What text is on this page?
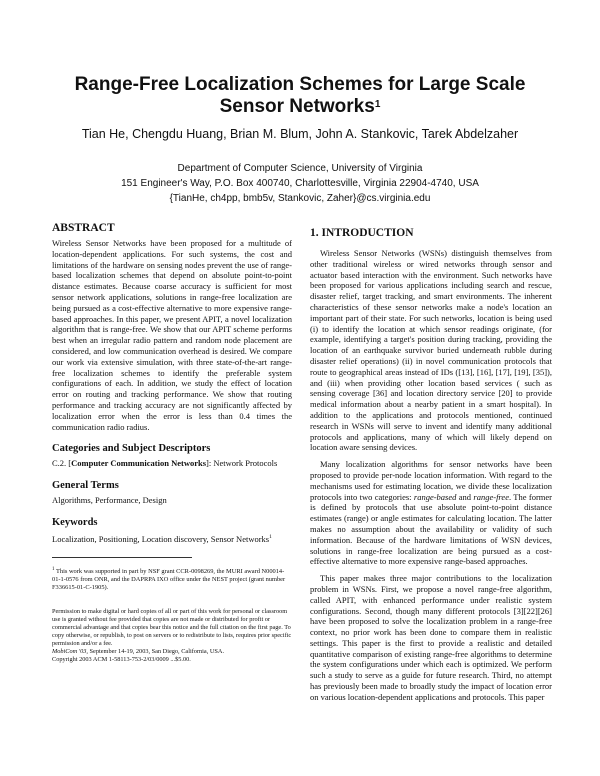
Range-Free Localization Schemes for Large Scale
Sensor Networks$^1$
Tian He, Chengdu Huang, Brian M. Blum, John A. Stankovic, Tarek Abdelzaher
Department of Computer Science, University of Virginia
151 Engineer's Way, P.O. Box 400740, Charlottesville, Virginia 22904-4740, USA
{TianHe, ch4pp, bmb5v, Stankovic, Zaher}@cs.virginia.edu
ABSTRACT

Wireless Sensor Networks have been proposed for a multitude of location-dependent applications. For such systems, the cost and limitations of the hardware on sensing nodes prevent the use of range-based localization schemes that depend on absolute point-to-point distance estimates. Because coarse accuracy is sufficient for most sensor network applications, solutions in range-free localization are being pursued as a cost-effective alternative to more expensive range-based approaches. In this paper, we present APIT, a novel localization algorithm that is range-free. We show that our APIT scheme performs best when an irregular radio pattern and random node placement are considered, and low communication overhead is desired. We compare our work via extensive simulation, with three state-of-the-art range-free localization schemes to identify the preferable system configurations of each. In addition, we study the effect of location error on routing and tracking performance. We show that routing performance and tracking accuracy are not significantly affected by localization error when the error is less than 0.4 times the communication radio radius.

Categories and Subject Descriptors

C.2. [Computer Communication Networks]: Network Protocols

General Terms

Algorithms, Performance, Design

Keywords

Localization, Positioning, Location discovery, Sensor Networks$^1$

$^1$ This work was supported in part by NSF grant CCR-0098269, the MURI award N00014-01-1-0576 from ONR, and the DAPRPA IXO office under the NEST project (grant number F336615-01-C-1905).
Permission to make digital or hard copies of all or part of this work for personal or classroom use is granted without fee provided that copies are not made or distributed for profit or commercial advantage and that copies bear this notice and the full citation on the first page. To copy otherwise, or republish, to post on servers or to redistribute to lists, requires prior specific permission and/or a fee.
MobiCom '03, September 14-19, 2003, San Diego, California, USA.
Copyright 2003 ACM 1-58113-753-2/03/0009 ...$5.00.
1. INTRODUCTION

Wireless Sensor Networks (WSNs) distinguish themselves from other traditional wireless or wired networks through sensor and actuator based interaction with the environment. Such networks have been proposed for various applications including search and rescue, disaster relief, target tracking, and smart environments. The inherent characteristics of these sensor networks make a node's location an important part of their state. For such networks, location is being used (i) to identify the location at which sensor readings originate, (for example, identifying a target's position during tracking, providing the location of an earthquake survivor buried underneath rubble during disaster relief operations) (ii) in novel communication protocols that route to geographical areas instead of IDs ([13], [16], [17], [19], [35]), and (iii) when providing other location based services ( such as sensing coverage [36] and location directory service [20] to provide medical information about a nearby patient in a smart hospital). In addition to the applications and protocols mentioned, continued research in WSNs will serve to invent and identify many additional protocols and applications, many of which will likely depend on location aware sensing devices.

Many localization algorithms for sensor networks have been proposed to provide per-node location information. With regard to the mechanisms used for estimating location, we divide these localization protocols into two categories: range-based and range-free. The former is defined by protocols that use absolute point-to-point distance estimates (range) or angle estimates for calculating location. The latter makes no assumption about the availability or validity of such information. Because of the hardware limitations of WSN devices, solutions in range-free localization are being pursued as a cost-effective alternative to more expensive range-based approaches.

This paper makes three major contributions to the localization problem in WSNs. First, we propose a novel range-free algorithm, called APIT, with enhanced performance under realistic system configurations. Second, though many different protocols [3][22][26] have been proposed to solve the localization problem in a range-free context, no prior work has been done to compare them in realistic settings. This paper is the first to provide a realistic and detailed quantitative comparison of existing range-free algorithms to determine the system configurations under which each is optimized. We perform such a study to serve as a guide for future research. Third, no attempt has previously been made to broadly study the impact of location error on various location-dependent applications and protocols. This paper
